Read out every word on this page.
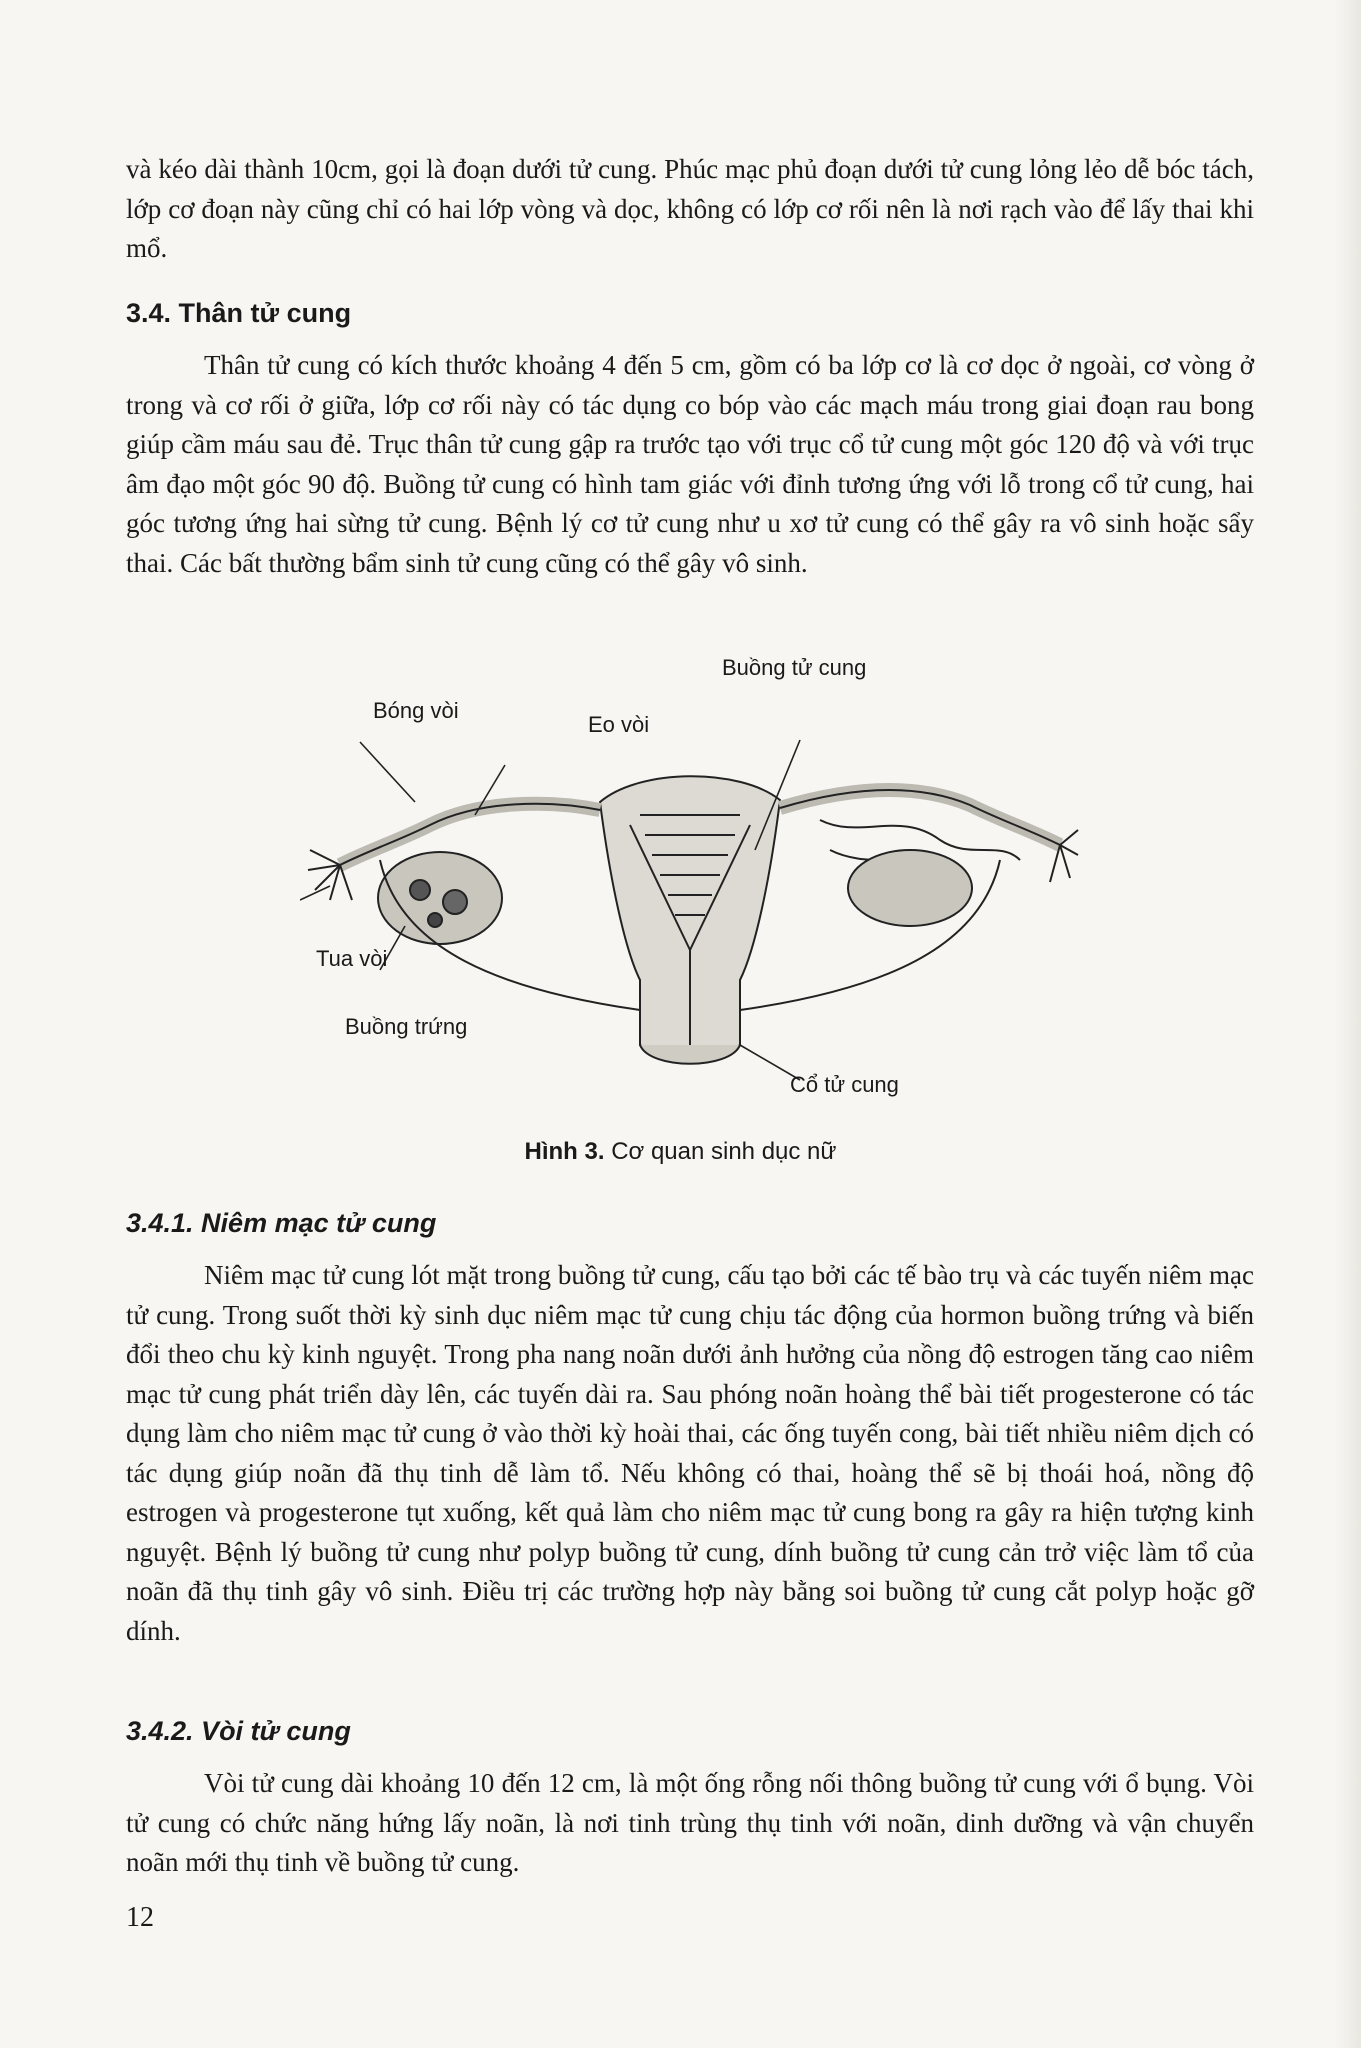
và kéo dài thành 10cm, gọi là đoạn dưới tử cung. Phúc mạc phủ đoạn dưới tử cung lỏng lẻo dễ bóc tách, lớp cơ đoạn này cũng chỉ có hai lớp vòng và dọc, không có lớp cơ rối nên là nơi rạch vào để lấy thai khi mổ.

3.4. Thân tử cung

Thân tử cung có kích thước khoảng 4 đến 5 cm, gồm có ba lớp cơ là cơ dọc ở ngoài, cơ vòng ở trong và cơ rối ở giữa, lớp cơ rối này có tác dụng co bóp vào các mạch máu trong giai đoạn rau bong giúp cầm máu sau đẻ. Trục thân tử cung gập ra trước tạo với trục cổ tử cung một góc 120 độ và với trục âm đạo một góc 90 độ. Buồng tử cung có hình tam giác với đỉnh tương ứng với lỗ trong cổ tử cung, hai góc tương ứng hai sừng tử cung. Bệnh lý cơ tử cung như u xơ tử cung có thể gây ra vô sinh hoặc sẩy thai. Các bất thường bẩm sinh tử cung cũng có thể gây vô sinh.

Buồng tử cung
Bóng vòi
Eo vòi
Tua vòi
Buồng trứng
Cổ tử cung
Hình 3. Cơ quan sinh dục nữ
3.4.1. Niêm mạc tử cung

Niêm mạc tử cung lót mặt trong buồng tử cung, cấu tạo bởi các tế bào trụ và các tuyến niêm mạc tử cung. Trong suốt thời kỳ sinh dục niêm mạc tử cung chịu tác động của hormon buồng trứng và biến đổi theo chu kỳ kinh nguyệt. Trong pha nang noãn dưới ảnh hưởng của nồng độ estrogen tăng cao niêm mạc tử cung phát triển dày lên, các tuyến dài ra. Sau phóng noãn hoàng thể bài tiết progesterone có tác dụng làm cho niêm mạc tử cung ở vào thời kỳ hoài thai, các ống tuyến cong, bài tiết nhiều niêm dịch có tác dụng giúp noãn đã thụ tinh dễ làm tổ. Nếu không có thai, hoàng thể sẽ bị thoái hoá, nồng độ estrogen và progesterone tụt xuống, kết quả làm cho niêm mạc tử cung bong ra gây ra hiện tượng kinh nguyệt. Bệnh lý buồng tử cung như polyp buồng tử cung, dính buồng tử cung cản trở việc làm tổ của noãn đã thụ tinh gây vô sinh. Điều trị các trường hợp này bằng soi buồng tử cung cắt polyp hoặc gỡ dính.

3.4.2. Vòi tử cung

Vòi tử cung dài khoảng 10 đến 12 cm, là một ống rỗng nối thông buồng tử cung với ổ bụng. Vòi tử cung có chức năng hứng lấy noãn, là nơi tinh trùng thụ tinh với noãn, dinh dưỡng và vận chuyển noãn mới thụ tinh về buồng tử cung.

12
